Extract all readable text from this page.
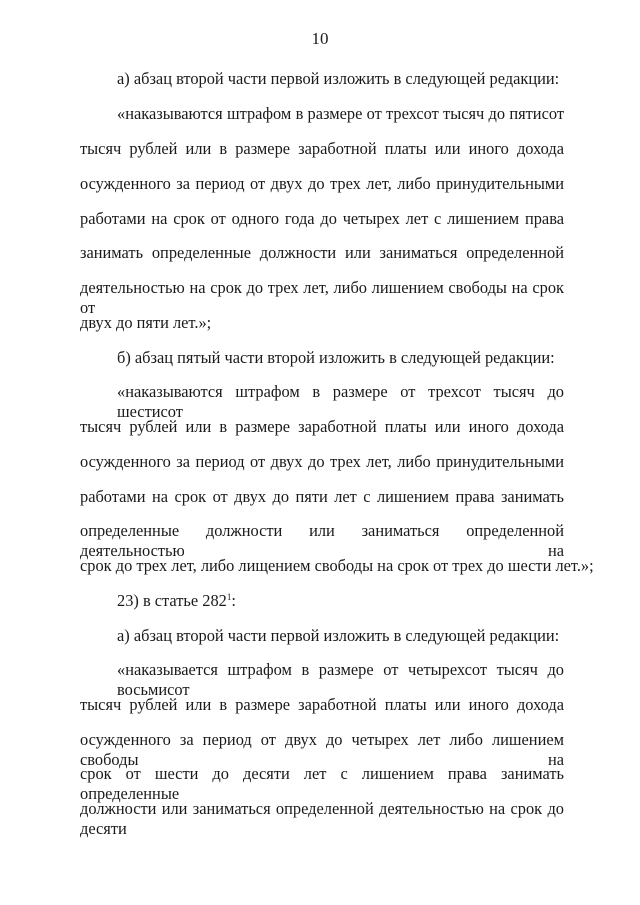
10
а) абзац второй части первой изложить в следующей редакции:
«наказываются штрафом в размере от трехсот тысяч до пятисот
тысяч рублей или в размере заработной платы или иного дохода
осужденного за период от двух до трех лет, либо принудительными
работами на срок от одного года до четырех лет с лишением права
занимать определенные должности или заниматься определенной
деятельностью на срок до трех лет, либо лишением свободы на срок от
двух до пяти лет.»;
б) абзац пятый части второй изложить в следующей редакции:
«наказываются штрафом в размере от трехсот тысяч до шестисот
тысяч рублей или в размере заработной платы или иного дохода
осужденного за период от двух до трех лет, либо принудительными
работами на срок от двух до пяти лет с лишением права занимать
определенные должности или заниматься определенной деятельностью на
срок до трех лет, либо лищением свободы на срок от трех до шести лет.»;
23) в статье $282^1$:
а) абзац второй части первой изложить в следующей редакции:
«наказывается штрафом в размере от четырехсот тысяч до восьмисот
тысяч рублей или в размере заработной платы или иного дохода
осужденного за период от двух до четырех лет либо лишением свободы на
срок от шести до десяти лет с лишением права занимать определенные
должности или заниматься определенной деятельностью на срок до десяти
